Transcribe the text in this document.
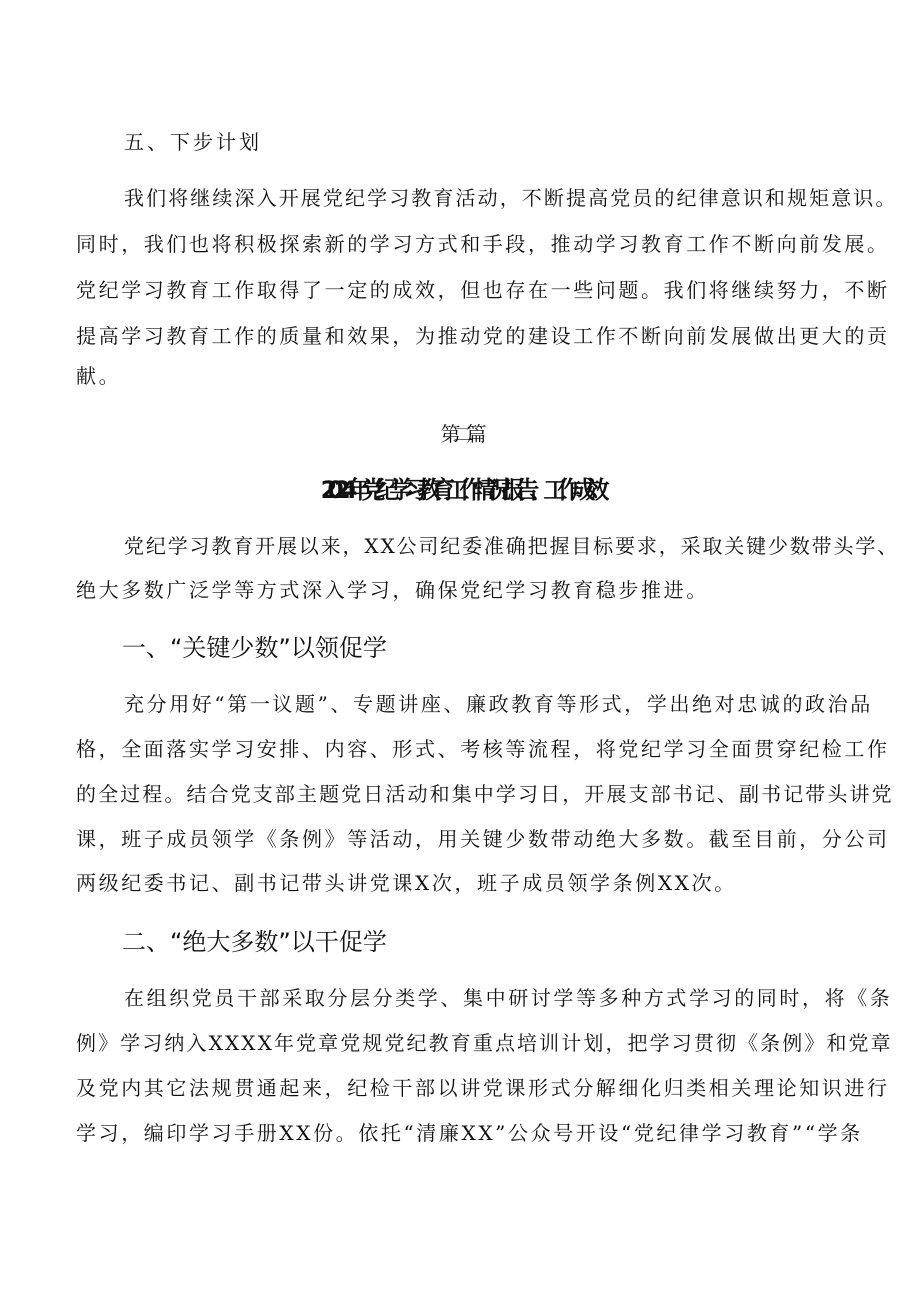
五、下步计划

我们将继续深入开展党纪学习教育活动，不断提高党员的纪律意识和规矩意识。

同时，我们也将积极探索新的学习方式和手段，推动学习教育工作不断向前发展。

党纪学习教育工作取得了一定的成效，但也存在一些问题。我们将继续努力，不断

提高学习教育工作的质量和效果，为推动党的建设工作不断向前发展做出更大的贡

献。

第二篇

2024年党纪学习教育工作情况报告、工作成效

党纪学习教育开展以来，XX公司纪委准确把握目标要求，采取关键少数带头学、

绝大多数广泛学等方式深入学习，确保党纪学习教育稳步推进。

一、“关键少数”以领促学

充分用好“第一议题”、专题讲座、廉政教育等形式，学出绝对忠诚的政治品

格，全面落实学习安排、内容、形式、考核等流程，将党纪学习全面贯穿纪检工作

的全过程。结合党支部主题党日活动和集中学习日，开展支部书记、副书记带头讲党

课，班子成员领学《条例》等活动，用关键少数带动绝大多数。截至目前，分公司

两级纪委书记、副书记带头讲党课X次，班子成员领学条例XX次。

二、“绝大多数”以干促学

在组织党员干部采取分层分类学、集中研讨学等多种方式学习的同时，将《条

例》学习纳入XXXX年党章党规党纪教育重点培训计划，把学习贯彻《条例》和党章

及党内其它法规贯通起来，纪检干部以讲党课形式分解细化归类相关理论知识进行

学习，编印学习手册XX份。依托“清廉XX”公众号开设“党纪律学习教育”“学条
